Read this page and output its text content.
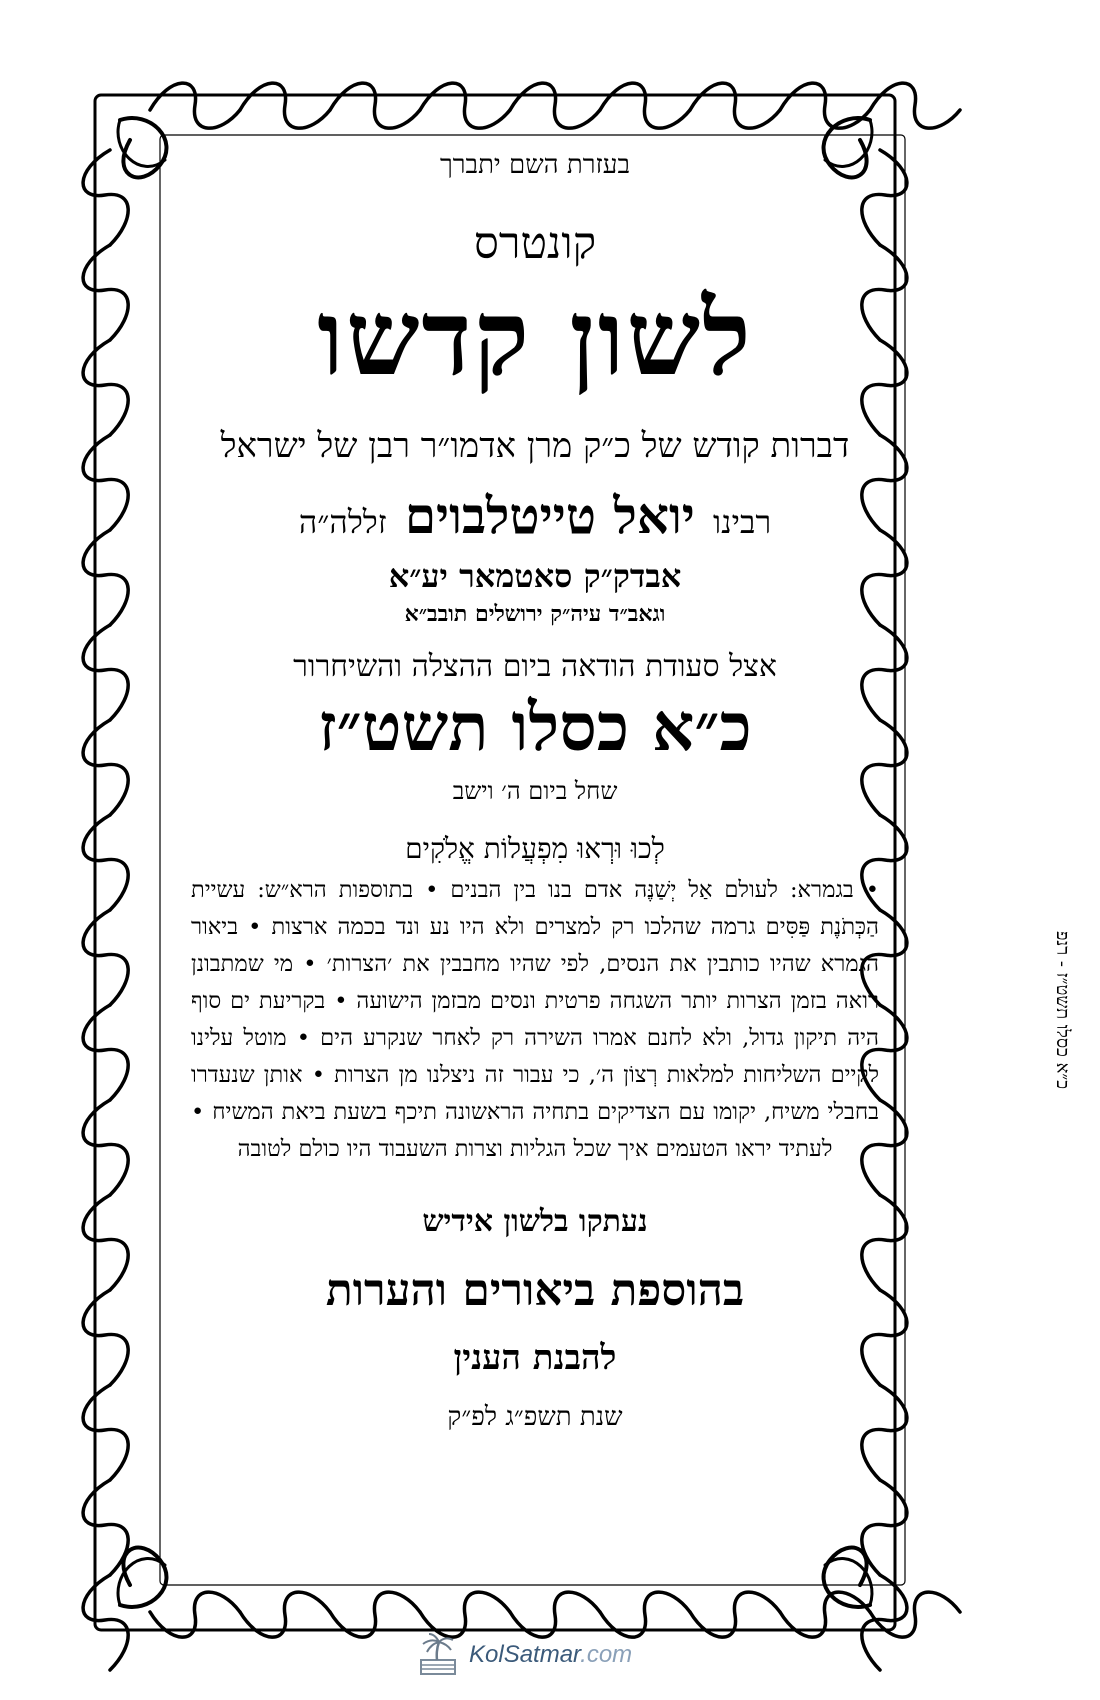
בעזרת השם יתברך
קונטרס
לשון קדשו
דברות קודש של כ״ק מרן אדמו״ר רבן של ישראל
רבינו יואל טייטלבוים זללה״ה
אבדק״ק סאטמאר יע״א
וגאב״ד עיה״ק ירושלים תובב״א
אצל סעודת הודאה ביום ההצלה והשיחרור
כ״א כסלו תשט״ז
שחל ביום ה׳ וישב
לְכוּ וּרְאוּ מִפְעֲלוֹת אֱלֹקִים
• בגמרא: לעולם אַל יְשַׁנֶּה אדם בנו בין הבנים • בתוספות הרא״ש: עשיית הַכְּתֹנֶת פַּסִּים גרמה שהלכו רק למצרים ולא היו נע ונד בכמה ארצות • ביאור הגמרא שהיו כותבין את הנסים, לפי שהיו מחבבין את ׳הצרות׳ • מי שמתבונן רואה בזמן הצרות יותר השגחה פרטית ונסים מבזמן הישועה • בקריעת ים סוף היה תיקון גדול, ולא לחנם אמרו השירה רק לאחר שנקרע הים • מוטל עלינו לקיים השליחות למלאות רְצוֹן ה׳, כי עבור זה ניצלנו מן הצרות • אותן שנעדרו בחבלי משיח, יקומו עם הצדיקים בתחיה הראשונה תיכף בשעת ביאת המשיח • לעתיד יראו הטעמים איך שכל הגליות וצרות השעבוד היו כולם לטובה
נעתקו בלשון אידיש
בהוספת ביאורים והערות
להבנת הענין
שנת תשפ״ג לפ״ק
כ״א כסלו תשט״ז - רנפ
KolSatmar.com
